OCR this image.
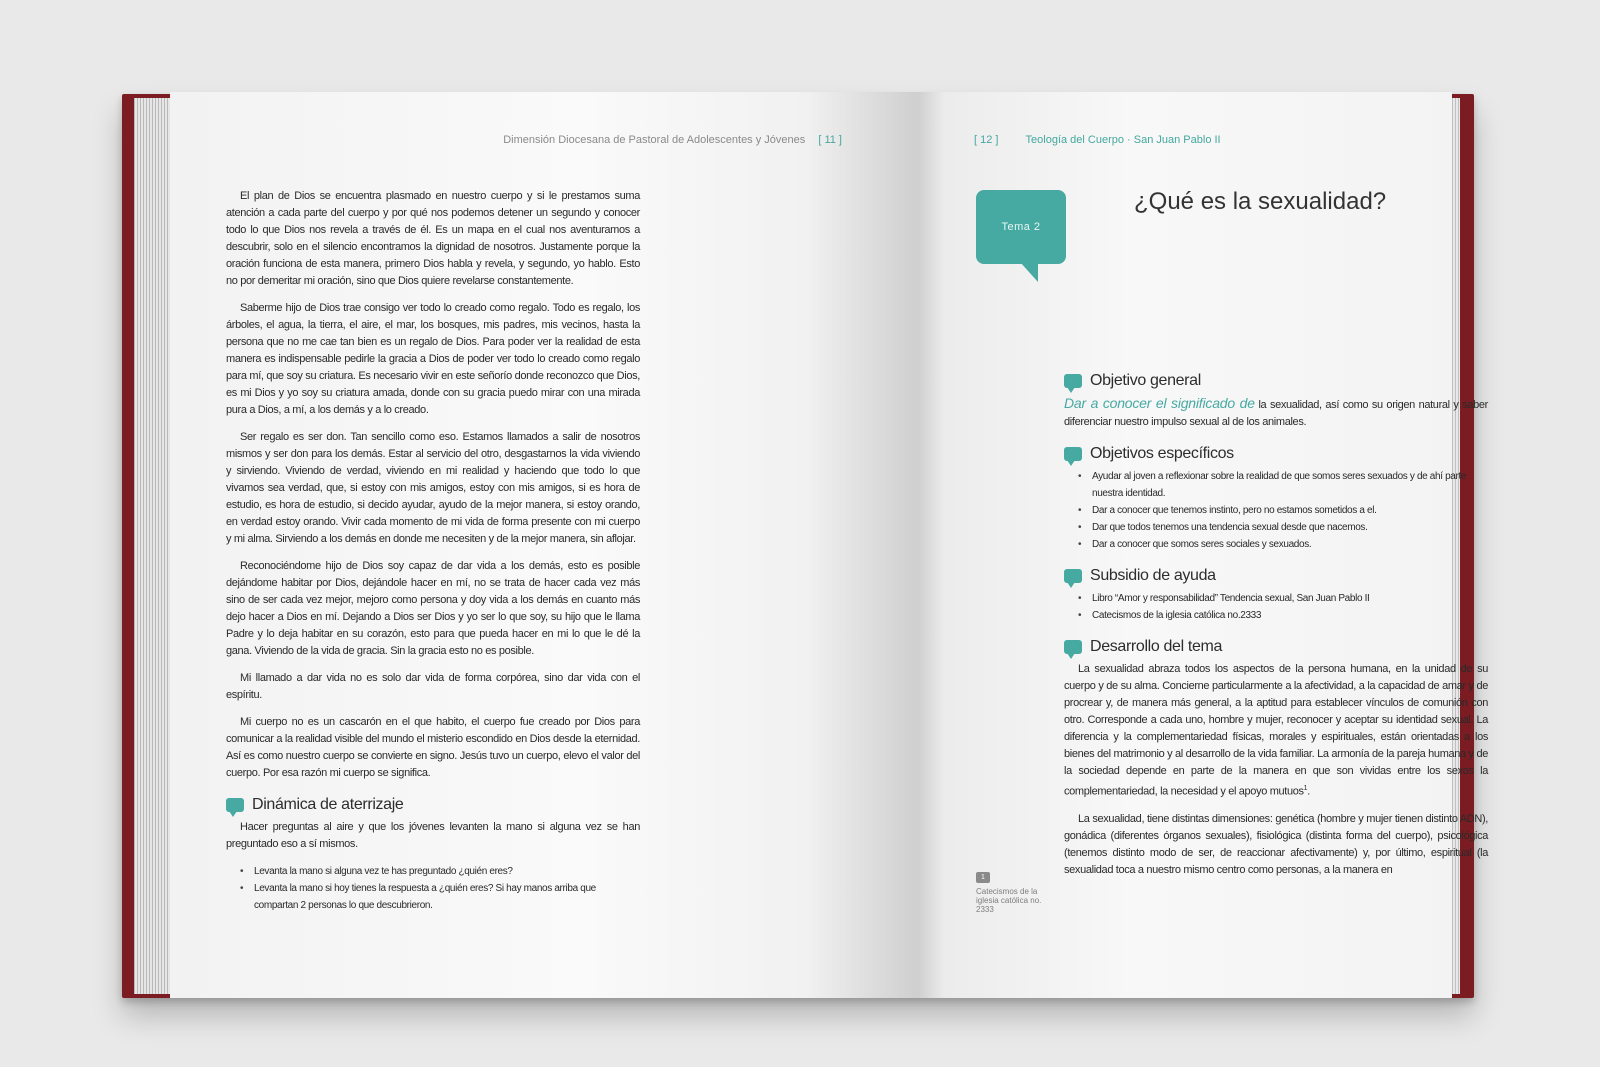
Dimensión Diocesana de Pastoral de Adolescentes y Jóvenes [ 11 ]

El plan de Dios se encuentra plasmado en nuestro cuerpo y si le prestamos suma atención a cada parte del cuerpo y por qué nos podemos detener un segundo y conocer todo lo que Dios nos revela a través de él. Es un mapa en el cual nos aventuramos a descubrir, solo en el silencio encontramos la dignidad de nosotros. Justamente porque la oración funciona de esta manera, primero Dios habla y revela, y segundo, yo hablo. Esto no por demeritar mi oración, sino que Dios quiere revelarse constantemente.

Saberme hijo de Dios trae consigo ver todo lo creado como regalo. Todo es regalo, los árboles, el agua, la tierra, el aire, el mar, los bosques, mis padres, mis vecinos, hasta la persona que no me cae tan bien es un regalo de Dios. Para poder ver la realidad de esta manera es indispensable pedirle la gracia a Dios de poder ver todo lo creado como regalo para mí, que soy su criatura. Es necesario vivir en este señorío donde reconozco que Dios, es mi Dios y yo soy su criatura amada, donde con su gracia puedo mirar con una mirada pura a Dios, a mí, a los demás y a lo creado.

Ser regalo es ser don. Tan sencillo como eso. Estamos llamados a salir de nosotros mismos y ser don para los demás. Estar al servicio del otro, desgastarnos la vida viviendo y sirviendo. Viviendo de verdad, viviendo en mi realidad y haciendo que todo lo que vivamos sea verdad, que, si estoy con mis amigos, estoy con mis amigos, si es hora de estudio, es hora de estudio, si decido ayudar, ayudo de la mejor manera, si estoy orando, en verdad estoy orando. Vivir cada momento de mi vida de forma presente con mi cuerpo y mi alma. Sirviendo a los demás en donde me necesiten y de la mejor manera, sin aflojar.

Reconociéndome hijo de Dios soy capaz de dar vida a los demás, esto es posible dejándome habitar por Dios, dejándole hacer en mí, no se trata de hacer cada vez más sino de ser cada vez mejor, mejoro como persona y doy vida a los demás en cuanto más dejo hacer a Dios en mí. Dejando a Dios ser Dios y yo ser lo que soy, su hijo que le llama Padre y lo deja habitar en su corazón, esto para que pueda hacer en mi lo que le dé la gana. Viviendo de la vida de gracia. Sin la gracia esto no es posible.

Mi llamado a dar vida no es solo dar vida de forma corpórea, sino dar vida con el espíritu.

Mi cuerpo no es un cascarón en el que habito, el cuerpo fue creado por Dios para comunicar a la realidad visible del mundo el misterio escondido en Dios desde la eternidad. Así es como nuestro cuerpo se convierte en signo. Jesús tuvo un cuerpo, elevo el valor del cuerpo. Por esa razón mi cuerpo se significa.

Dinámica de aterrizaje

Hacer preguntas al aire y que los jóvenes levanten la mano si alguna vez se han preguntado eso a sí mismos.

• Levanta la mano si alguna vez te has preguntado ¿quién eres?
• Levanta la mano si hoy tienes la respuesta a ¿quién eres? Si hay manos arriba que compartan 2 personas lo que descubrieron.
[ 12 ] Teología del Cuerpo · San Juan Pablo II
Tema 2
¿Qué es la sexualidad?
Objetivo general

Dar a conocer el significado de la sexualidad, así como su origen natural y saber diferenciar nuestro impulso sexual al de los animales.

Objetivos específicos
• Ayudar al joven a reflexionar sobre la realidad de que somos seres sexuados y de ahí parte nuestra identidad.
• Dar a conocer que tenemos instinto, pero no estamos sometidos a el.
• Dar que todos tenemos una tendencia sexual desde que nacemos.
• Dar a conocer que somos seres sociales y sexuados.
Subsidio de ayuda
• Libro “Amor y responsabilidad” Tendencia sexual, San Juan Pablo II
• Catecismos de la iglesia católica no.2333
Desarrollo del tema

La sexualidad abraza todos los aspectos de la persona humana, en la unidad de su cuerpo y de su alma. Concierne particularmente a la afectividad, a la capacidad de amar y de procrear y, de manera más general, a la aptitud para establecer vínculos de comunión con otro. Corresponde a cada uno, hombre y mujer, reconocer y aceptar su identidad sexual. La diferencia y la complementariedad físicas, morales y espirituales, están orientadas a los bienes del matrimonio y al desarrollo de la vida familiar. La armonía de la pareja humana y de la sociedad depende en parte de la manera en que son vividas entre los sexos la complementariedad, la necesidad y el apoyo mutuos$^1$.

La sexualidad, tiene distintas dimensiones: genética (hombre y mujer tienen distinto ADN), gonádica (diferentes órganos sexuales), fisiológica (distinta forma del cuerpo), psicológica (tenemos distinto modo de ser, de reaccionar afectivamente) y, por último, espiritual (la sexualidad toca a nuestro mismo centro como personas, a la manera en

1
Catecismos de la iglesia católica no. 2333
